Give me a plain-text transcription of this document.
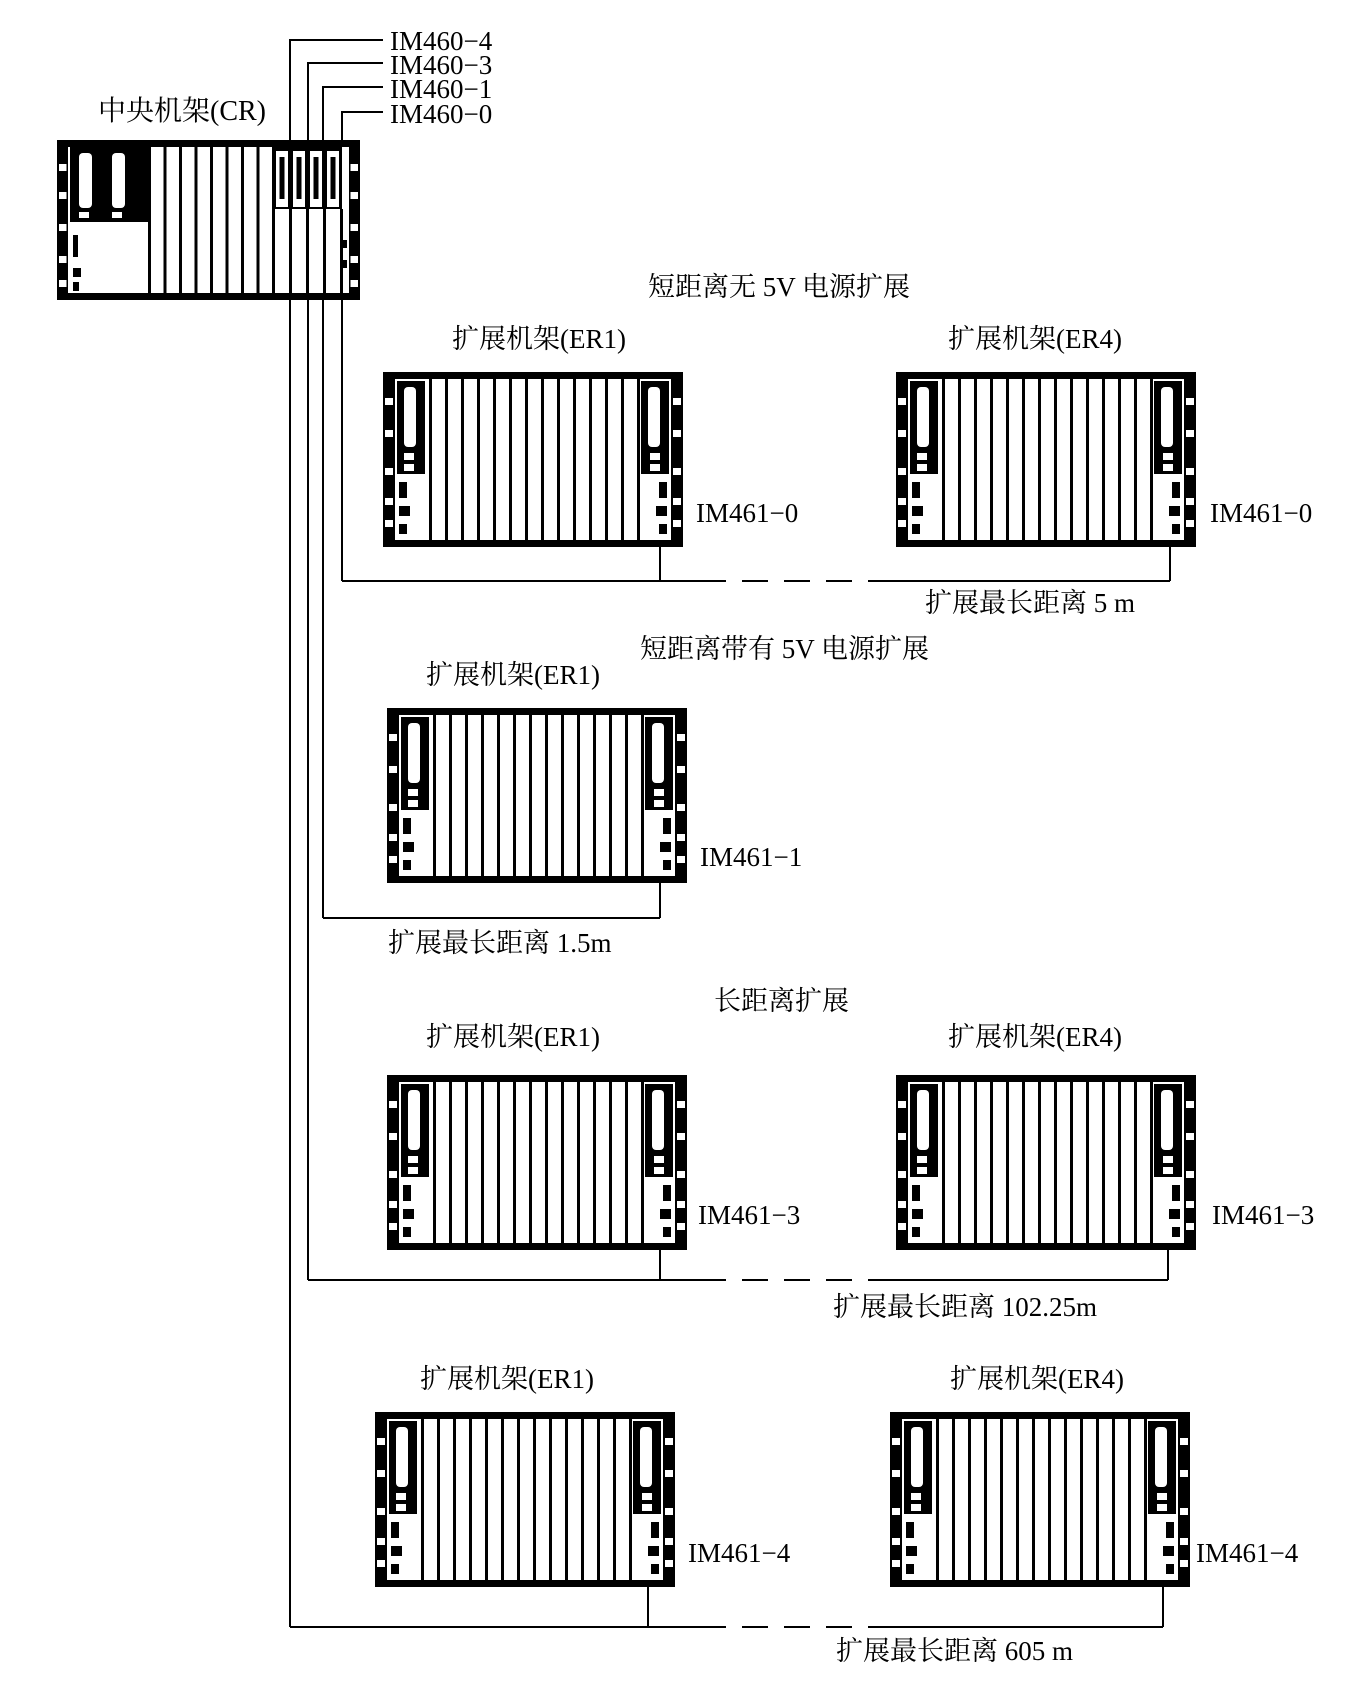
中央机架(CR)
IM460−4
IM460−3
IM460−1
IM460−0
短距离无 5V 电源扩展
扩展机架(ER1)
IM461−0
扩展机架(ER4)
IM461−0
扩展最长距离 5 m
短距离带有 5V 电源扩展
扩展机架(ER1)
IM461−1
扩展最长距离 1.5m
长距离扩展
扩展机架(ER1)
IM461−3
扩展机架(ER4)
IM461−3
扩展最长距离 102.25m
扩展机架(ER1)
IM461−4
扩展机架(ER4)
IM461−4
扩展最长距离 605 m
